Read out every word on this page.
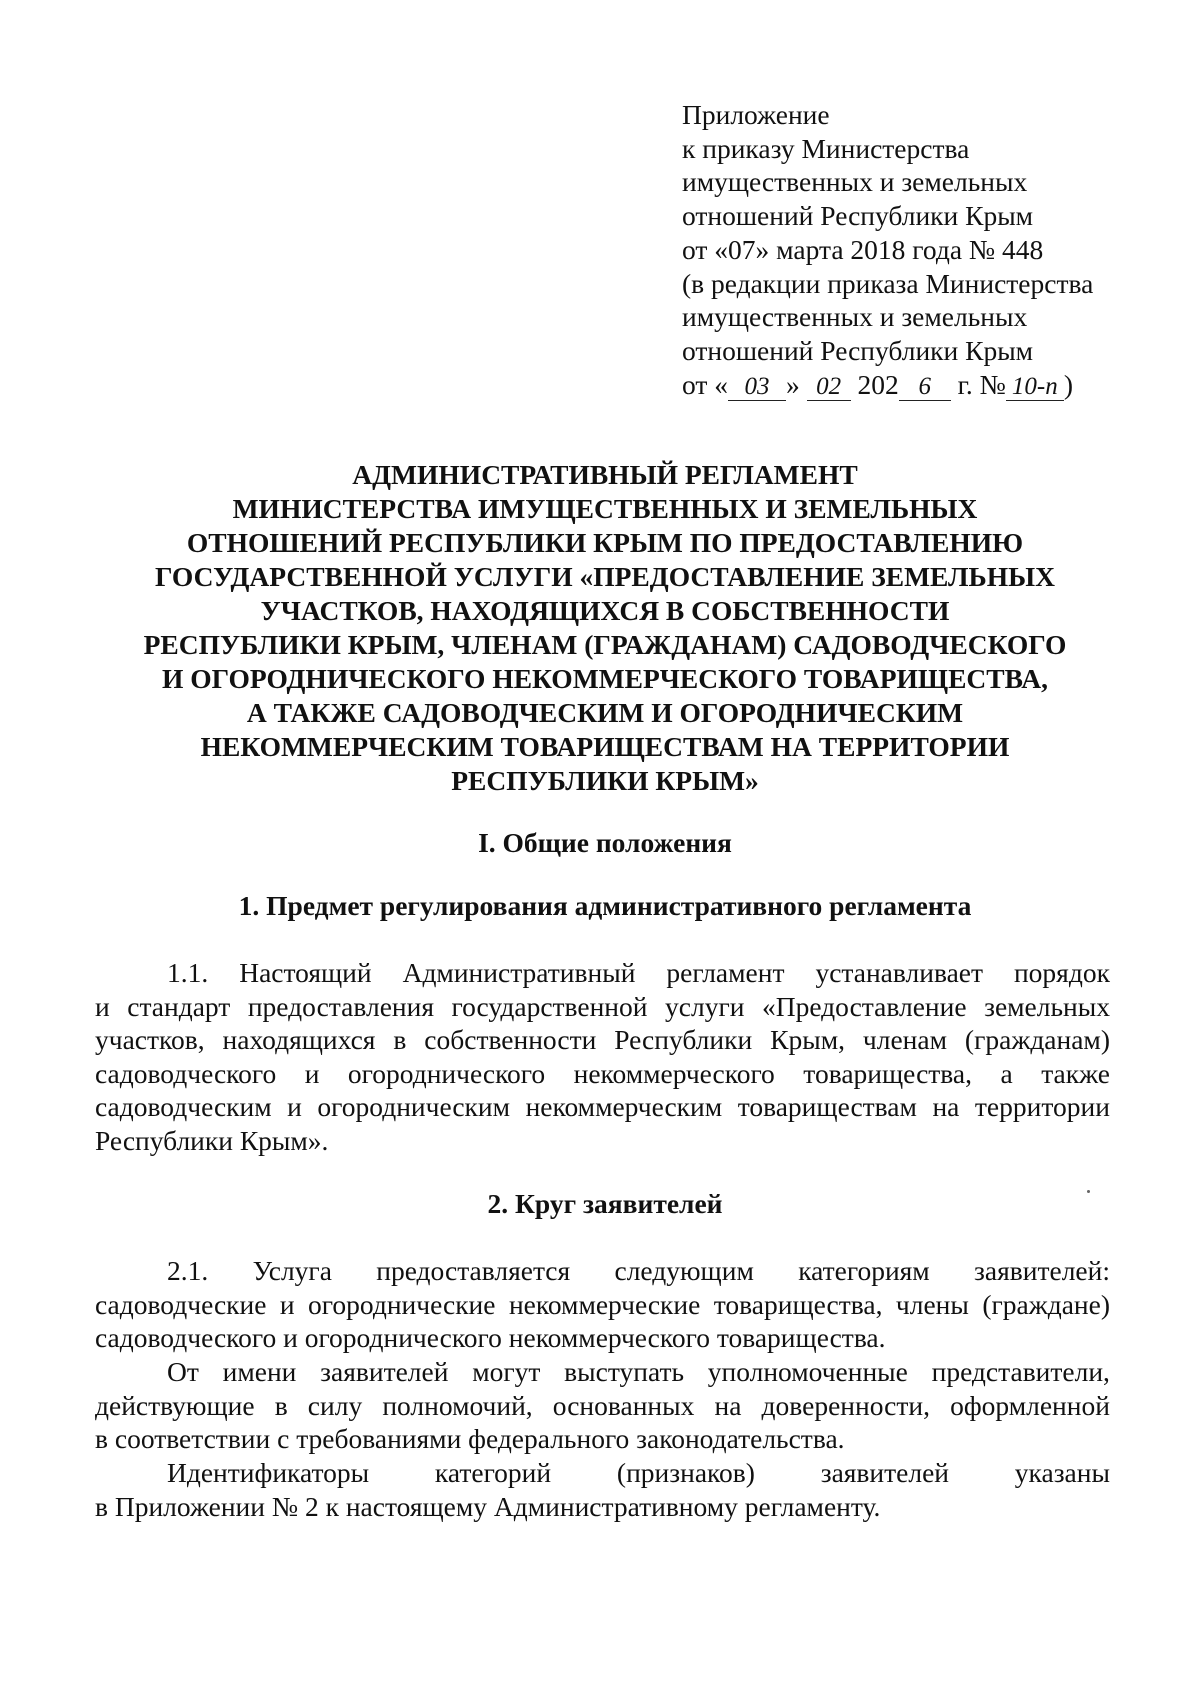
Приложение
к приказу Министерства
имущественных и земельных
отношений Республики Крым
от «07» марта 2018 года № 448
(в редакции приказа Министерства
имущественных и земельных
отношений Республики Крым
от « 03 » 02 202 6 г. № 10-п )
АДМИНИСТРАТИВНЫЙ РЕГЛАМЕНТ
МИНИСТЕРСТВА ИМУЩЕСТВЕННЫХ И ЗЕМЕЛЬНЫХ
ОТНОШЕНИЙ РЕСПУБЛИКИ КРЫМ ПО ПРЕДОСТАВЛЕНИЮ
ГОСУДАРСТВЕННОЙ УСЛУГИ «ПРЕДОСТАВЛЕНИЕ ЗЕМЕЛЬНЫХ
УЧАСТКОВ, НАХОДЯЩИХСЯ В СОБСТВЕННОСТИ
РЕСПУБЛИКИ КРЫМ, ЧЛЕНАМ (ГРАЖДАНАМ) САДОВОДЧЕСКОГО
И ОГОРОДНИЧЕСКОГО НЕКОММЕРЧЕСКОГО ТОВАРИЩЕСТВА,
А ТАКЖЕ САДОВОДЧЕСКИМ И ОГОРОДНИЧЕСКИМ
НЕКОММЕРЧЕСКИМ ТОВАРИЩЕСТВАМ НА ТЕРРИТОРИИ
РЕСПУБЛИКИ КРЫМ»
I. Общие положения
1. Предмет регулирования административного регламента
1.1. Настоящий Административный регламент устанавливает порядок
и стандарт предоставления государственной услуги «Предоставление земельных
участков, находящихся в собственности Республики Крым, членам (гражданам)
садоводческого и огороднического некоммерческого товарищества, а также
садоводческим и огородническим некоммерческим товариществам на территории
Республики Крым».
2. Круг заявителей
2.1. Услуга предоставляется следующим категориям заявителей:
садоводческие и огороднические некоммерческие товарищества, члены (граждане)
садоводческого и огороднического некоммерческого товарищества.
От имени заявителей могут выступать уполномоченные представители,
действующие в силу полномочий, основанных на доверенности, оформленной
в соответствии с требованиями федерального законодательства.
Идентификаторы категорий (признаков) заявителей указаны
в Приложении № 2 к настоящему Административному регламенту.
